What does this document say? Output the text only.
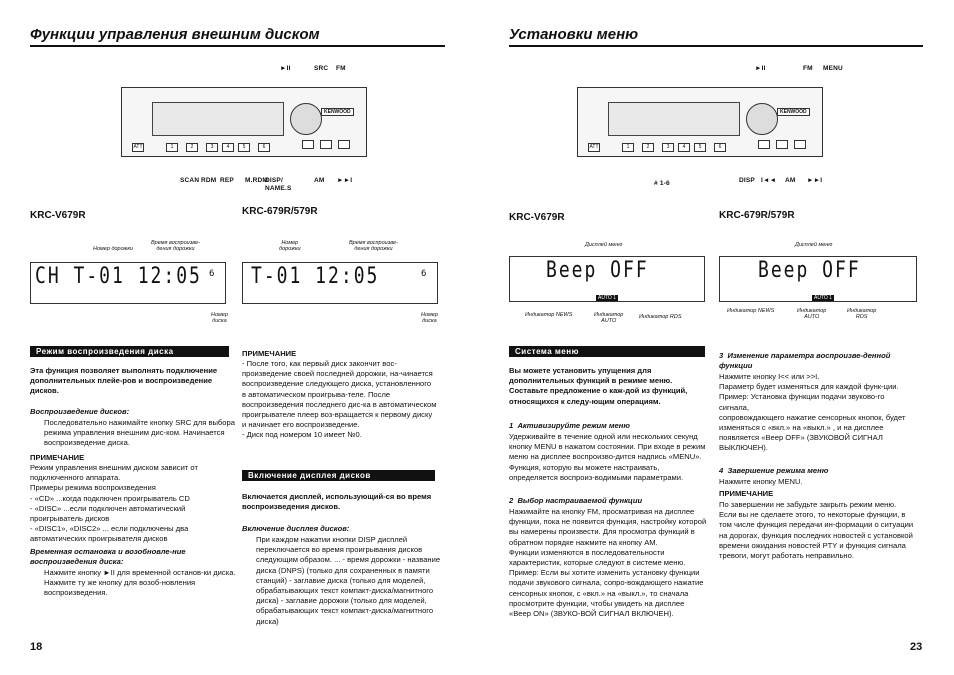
Функции управления внешним диском
►II	SRC FM
KENWOOD
ATT	1	2	3	4	5	6
SCAN RDM REP M.RDM
DISP/
NAME.S
AM ►►I
KRC-V679R	KRC-679R/579R
Номер дорожки
Время воспроизве-
дения дорожки
CH T-01 12:05 6
Номер
диска
Номер
дорожки
Время воспроизве-
дения дорожки
T-01 12:05	6
Номер
диска
Режим воспроизведения диска
Эта функция позволяет выполнять подключение дополнительных плейе-ров и воспроизведение дисков.
Воспроизведение дисков:
Последовательно нажимайте кнопку SRC для выбора режима управления внешним дис-ком. Начинается воспроизведение диска.
ПРИМЕЧАНИЕ
Режим управления внешним диском зависит от подключенного аппарата.
Примеры режима воспроизведения
- «CD» ...когда подключен проигрыватель CD
- «DISC» ...если подключен автоматический проигрыватель дисков
- «DISC1», «DISC2» ... если подключены два автоматических проигрывателя дисков
Временная остановка и возобновле-ние воспроизведения диска:
Нажмите кнопку ►II для временной останов-ки диска. Нажмите ту же кнопку для возоб-новления воспроизведения.
ПРИМЕЧАНИЕ
- После того, как первый диск закончит вос-произведение своей последней дорожки, на-чинается воспроизведение следующего диска, установленного в автоматическом проигрыва-теле. После воспроизведения последнего дис-ка в автоматическом проигрывателе плеер воз-вращается к первому диску и начинает его воспроизведение.
- Диск под номером 10 имеет №0.
Включение дисплея дисков
Включается дисплей, использующий-ся во время воспроизведения дисков.
Включение дисплея дисков:
При каждом нажатии кнопки DISP дисплей переключается во время проигрывания дисков следующим образом. ... - время дорожки - название диска (DNPS) (только для сохраненных в памяти станций) - заглавие диска (только для моделей, обрабатывающих текст компакт-диска/магнитного диска) - заглавие дорожки (только для моделей, обрабатывающих текст компакт-диска/магнитного диска)
18
Установки меню
►II	FM MENU
KENWOOD
ATT	1	2	3	4	5	6
# 1-6	DISP I◄◄ AM ►►I
KRC-V679R	KRC-679R/579R
Дисплей меню
Beep OFF
AUTO 1
Индикатор NEWS	Индикатор
AUTO
Индикатор RDS
Дисплей меню
Beep OFF
AUTO 1
Индикатор NEWS	Индикатор
AUTO
Индикатор
RDS
Система меню
Вы можете установить упущения для дополнительных функций в режиме меню. Составьте предложение о каж-дой из функций, относящихся к следу-ющим операциям.
1  Активизируйте режим меню
Удерживайте в течение одной или нескольких секунд кнопку MENU в нажатом состоянии. При входе в режим меню на дисплее воспроизво-дится надпись «MENU». Функция, которую вы можете настраивать, определяется воспроиз-водимыми параметрами.
2  Выбор настраиваемой функции
Нажимайте на кнопку FM, просматривая на дисплее функции, пока не появится функция, настройку которой вы намерены произвести. Для просмотра функций в обратном порядке нажмите на кнопку AM.
Функции изменяются в последовательности характеристик, которые следуют в системе меню.
Пример: Если вы хотите изменить установку функции подачи звукового сигнала, сопро-вождающего нажатие сенсорных кнопок, с «вкл.» на «выкл.», то сначала просмотрите функции, чтобы увидеть на дисплее «Beep ON» (ЗВУКО-ВОЙ СИГНАЛ ВКЛЮЧЕН).
3  Изменение параметра воспроизве-денной функции
Нажмите кнопку I<< или >>I.
Параметр будет изменяться для каждой функ-ции.
Пример: Установка функции подачи звуково-го сигнала,
сопровождающего нажатие сенсорных кнопок, будет изменяться с «вкл.» на «выкл.» , и на дисплее появляется «Beep OFF» (ЗВУКОВОЙ СИГНАЛ ВЫКЛЮЧЕН).
4  Завершение режима меню
Нажмите кнопку MENU.
ПРИМЕЧАНИЕ
По завершении не забудьте закрыть режим меню. Если вы не сделаете этого, то некоторые функции, в том числе функция передачи ин-формации о ситуации на дорогах, функция последних новостей с установкой времени ожидания новостей PTY и функция сигнала тревоги, могут работать неправильно.
23
